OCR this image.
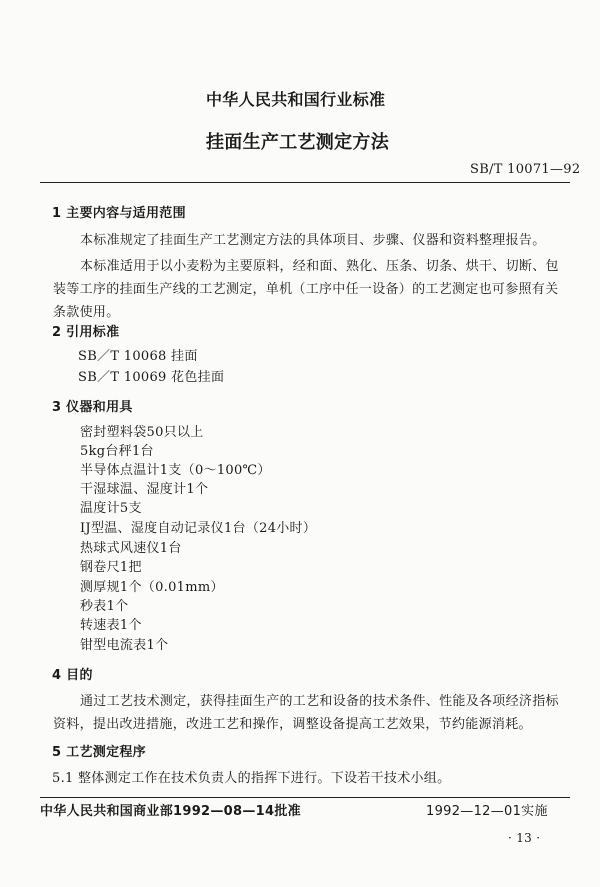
中华人民共和国行业标准
挂面生产工艺测定方法
SB/T 10071—92
1 主要内容与适用范围
本标准规定了挂面生产工艺测定方法的具体项目、步骤、仪器和资料整理报告。
本标准适用于以小麦粉为主要原料，经和面、熟化、压条、切条、烘干、切断、包
装等工序的挂面生产线的工艺测定，单机（工序中任一设备）的工艺测定也可参照有关
条款使用。
2 引用标准
SB／T 10068 挂面
SB／T 10069 花色挂面
3 仪器和用具
密封塑料袋50只以上
5kg台秤1台
半导体点温计1支（0～100℃）
干湿球温、湿度计1个
温度计5支
IJ型温、湿度自动记录仪1台（24小时）
热球式风速仪1台
钢卷尺1把
测厚规1个（0.01mm）
秒表1个
转速表1个
钳型电流表1个
4 目的
通过工艺技术测定，获得挂面生产的工艺和设备的技术条件、性能及各项经济指标
资料，提出改进措施，改进工艺和操作，调整设备提高工艺效果，节约能源消耗。
5 工艺测定程序
5.1 整体测定工作在技术负责人的指挥下进行。下设若干技术小组。
中华人民共和国商业部1992—08—14批准	1992—12—01实施
· 13 ·
